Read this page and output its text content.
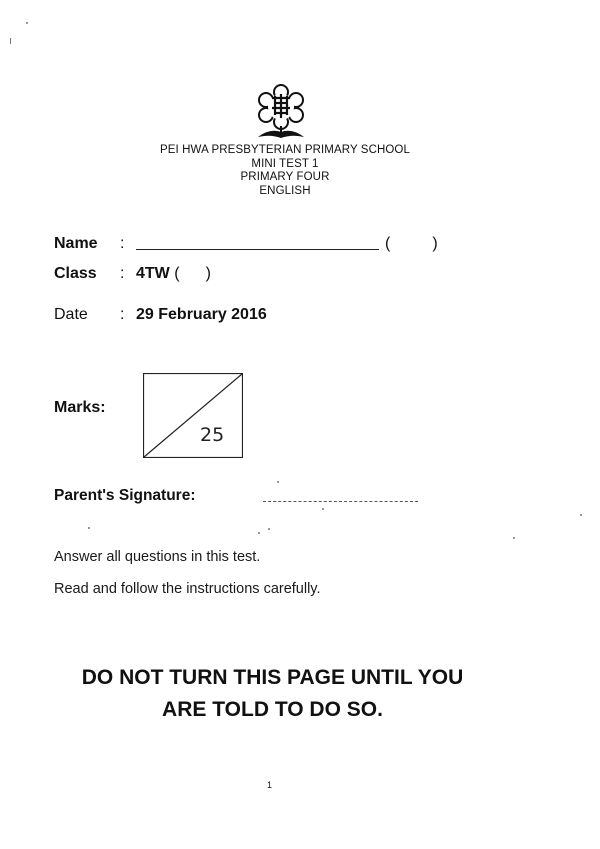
PEI HWA PRESBYTERIAN PRIMARY SCHOOL
MINI TEST 1
PRIMARY FOUR
ENGLISH
Name :	(	)
Class : 4TW ( )
Date : 29 February 2016
Marks:
25
Parent's Signature:
Answer all questions in this test.
Read and follow the instructions carefully.
DO NOT TURN THIS PAGE UNTIL YOU
ARE TOLD TO DO SO.
1
